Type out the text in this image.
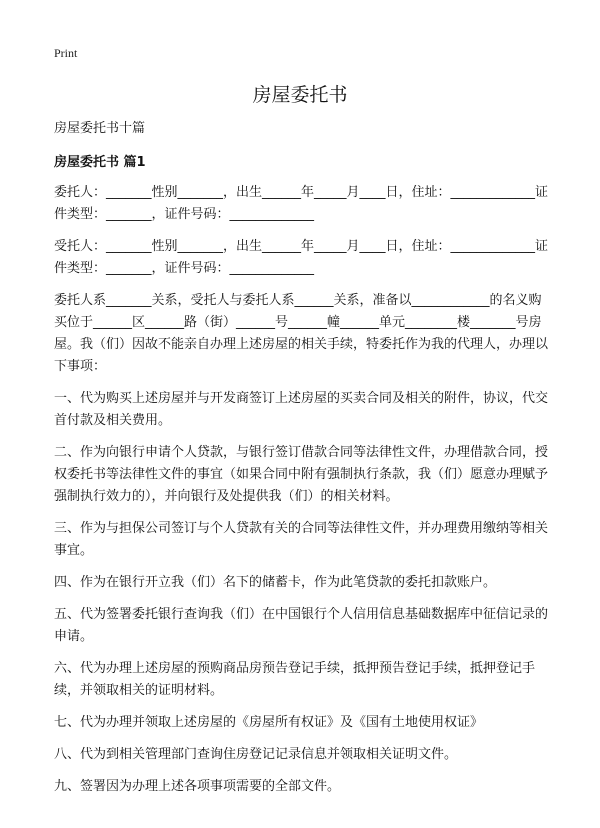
Print
房屋委托书

房屋委托书十篇

房屋委托书 篇1

委托人：_______性别_______，出生______年_____月____日，住址：_____________证件类型：_______，证件号码：_____________

受托人：_______性别_______，出生______年_____月____日，住址：_____________证件类型：_______，证件号码：_____________

委托人系_______关系，受托人与委托人系______关系，准备以____________的名义购买位于______区______路（街）______号______幢______单元________楼_______号房屋。我（们）因故不能亲自办理上述房屋的相关手续，特委托作为我的代理人，办理以下事项：

一、代为购买上述房屋并与开发商签订上述房屋的买卖合同及相关的附件，协议，代交首付款及相关费用。

二、作为向银行申请个人贷款，与银行签订借款合同等法律性文件，办理借款合同，授权委托书等法律性文件的事宜（如果合同中附有强制执行条款，我（们）愿意办理赋予强制执行效力的），并向银行及处提供我（们）的相关材料。

三、作为与担保公司签订与个人贷款有关的合同等法律性文件，并办理费用缴纳等相关事宜。

四、作为在银行开立我（们）名下的储蓄卡，作为此笔贷款的委托扣款账户。

五、代为签署委托银行查询我（们）在中国银行个人信用信息基础数据库中征信记录的申请。

六、代为办理上述房屋的预购商品房预告登记手续，抵押预告登记手续，抵押登记手续，并领取相关的证明材料。

七、代为办理并领取上述房屋的《房屋所有权证》及《国有土地使用权证》

八、代为到相关管理部门查询住房登记记录信息并领取相关证明文件。

九、签署因为办理上述各项事项需要的全部文件。
